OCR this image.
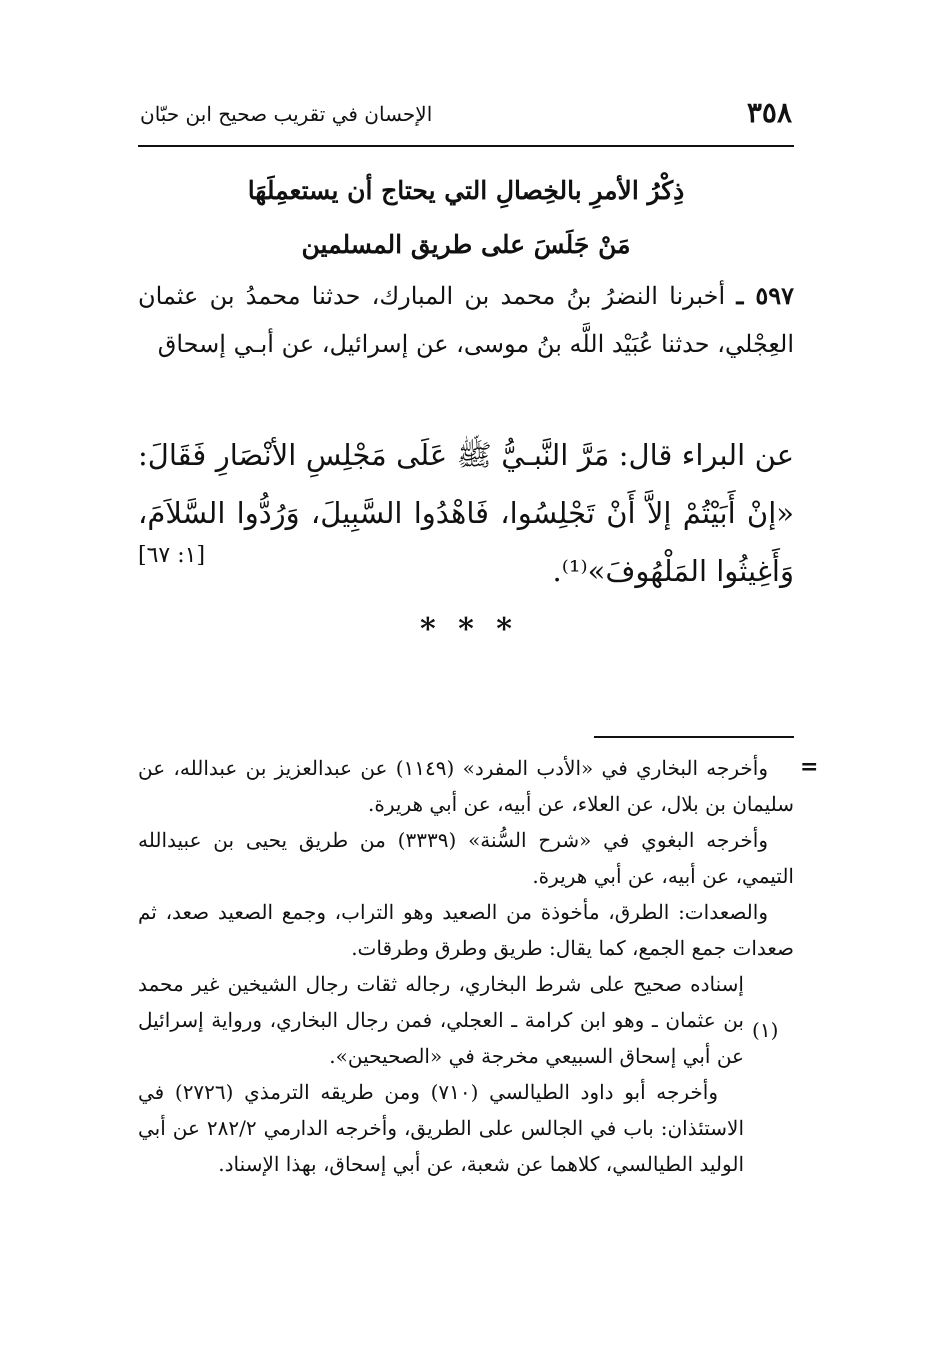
٣٥٨
الإحسان في تقريب صحيح ابن حبّان
ذِكْرُ الأمرِ بالخِصالِ التي يحتاج أن يستعمِلَهَا
مَنْ جَلَسَ على طريق المسلمين
٥٩٧ ـ أخبرنا النضرُ بنُ محمد بن المبارك، حدثنا محمدُ بن عثمان العِجْلي، حدثنا عُبَيْد اللَّه بنُ موسى، عن إسرائيل، عن أبـي إسحاق
عن البراء قال: مَرَّ النَّبـيُّ ﷺ عَلَى مَجْلِسِ الأنْصَارِ فَقَالَ: «إنْ أَبَيْتُمْ إلاَّ أَنْ تَجْلِسُوا، فَاهْدُوا السَّبِيلَ، وَرُدُّوا السَّلاَمَ، وَأَغِيثُوا المَلْهُوفَ»⁽¹⁾.
[١: ٦٧]
* * *
=

وأخرجه البخاري في «الأدب المفرد» (١١٤٩) عن عبدالعزيز بن عبدالله، عن سليمان بن بلال، عن العلاء، عن أبيه، عن أبي هريرة.

وأخرجه البغوي في «شرح السُّنة» (٣٣٣٩) من طريق يحيى بن عبيدالله التيمي، عن أبيه، عن أبي هريرة.

والصعدات: الطرق، مأخوذة من الصعيد وهو التراب، وجمع الصعيد صعد، ثم صعدات جمع الجمع، كما يقال: طريق وطرق وطرقات.

إسناده صحيح على شرط البخاري، رجاله ثقات رجال الشيخين غير محمد بن عثمان ـ وهو ابن كرامة ـ العجلي، فمن رجال البخاري، ورواية إسرائيل عن أبي إسحاق السبيعي مخرجة في «الصحيحين».

وأخرجه أبو داود الطيالسي (٧١٠) ومن طريقه الترمذي (٢٧٢٦) في الاستئذان: باب في الجالس على الطريق، وأخرجه الدارمي ٢٨٢/٢ عن أبي الوليد الطيالسي، كلاهما عن شعبة، عن أبي إسحاق، بهذا الإسناد.

(١)
